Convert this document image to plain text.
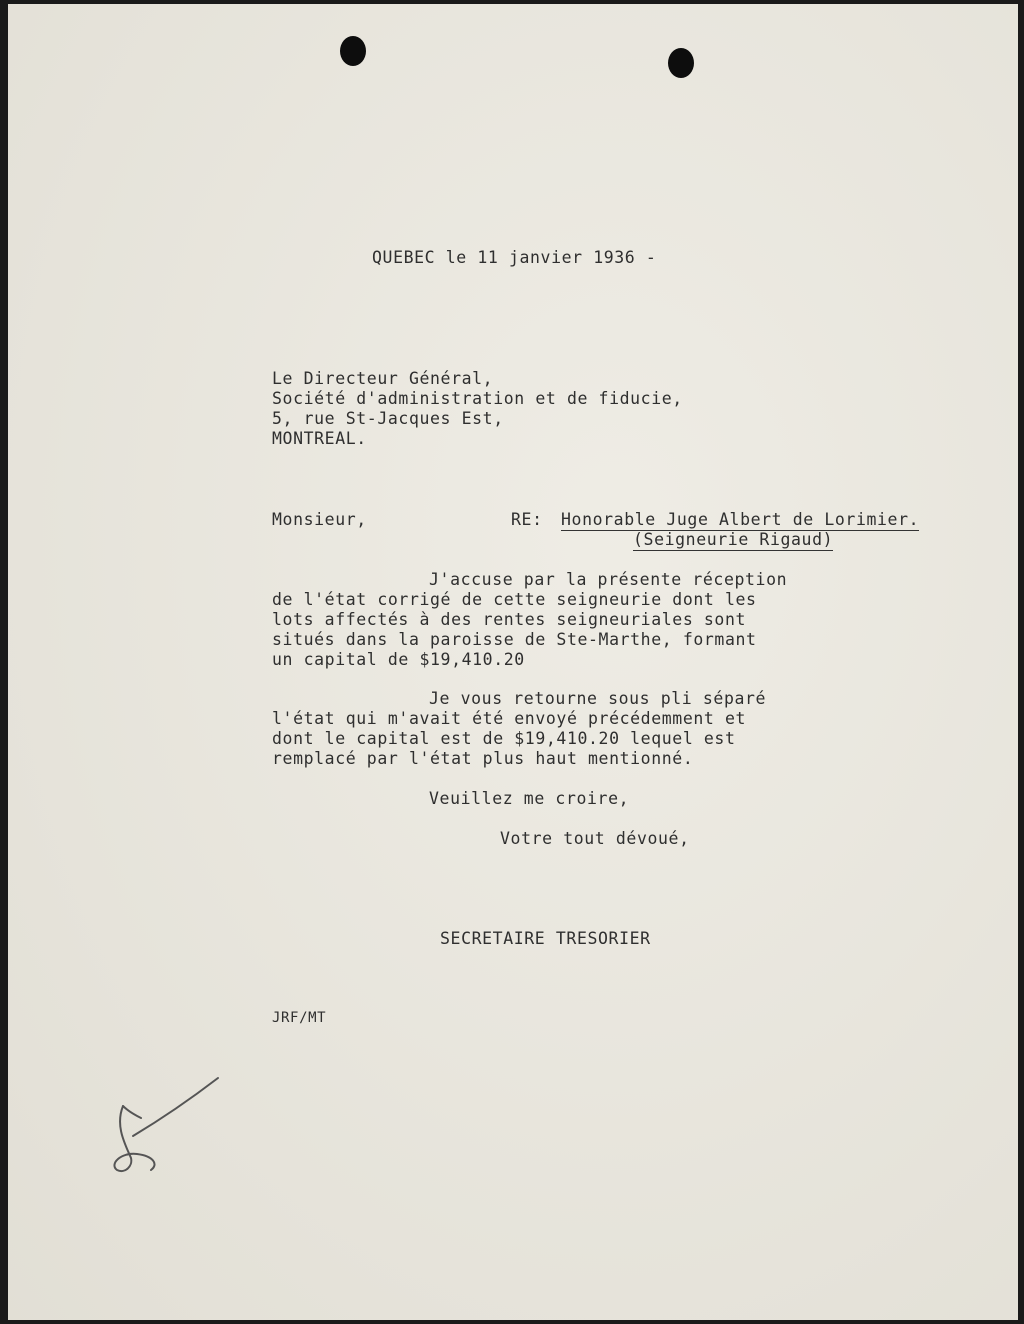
QUEBEC le 11 janvier 1936 -
Le Directeur Général,
Société d'administration et de fiducie,
5, rue St-Jacques Est,
MONTREAL.
Monsieur,	RE: Honorable Juge Albert de Lorimier.
(Seigneurie Rigaud)
J'accuse par la présente réception
de l'état corrigé de cette seigneurie dont les
lots affectés à des rentes seigneuriales sont
situés dans la paroisse de Ste-Marthe, formant
un capital de $19,410.20
Je vous retourne sous pli séparé
l'état qui m'avait été envoyé précédemment et
dont le capital est de $19,410.20 lequel est
remplacé par l'état plus haut mentionné.
Veuillez me croire,
Votre tout dévoué,
SECRETAIRE TRESORIER
JRF/MT
